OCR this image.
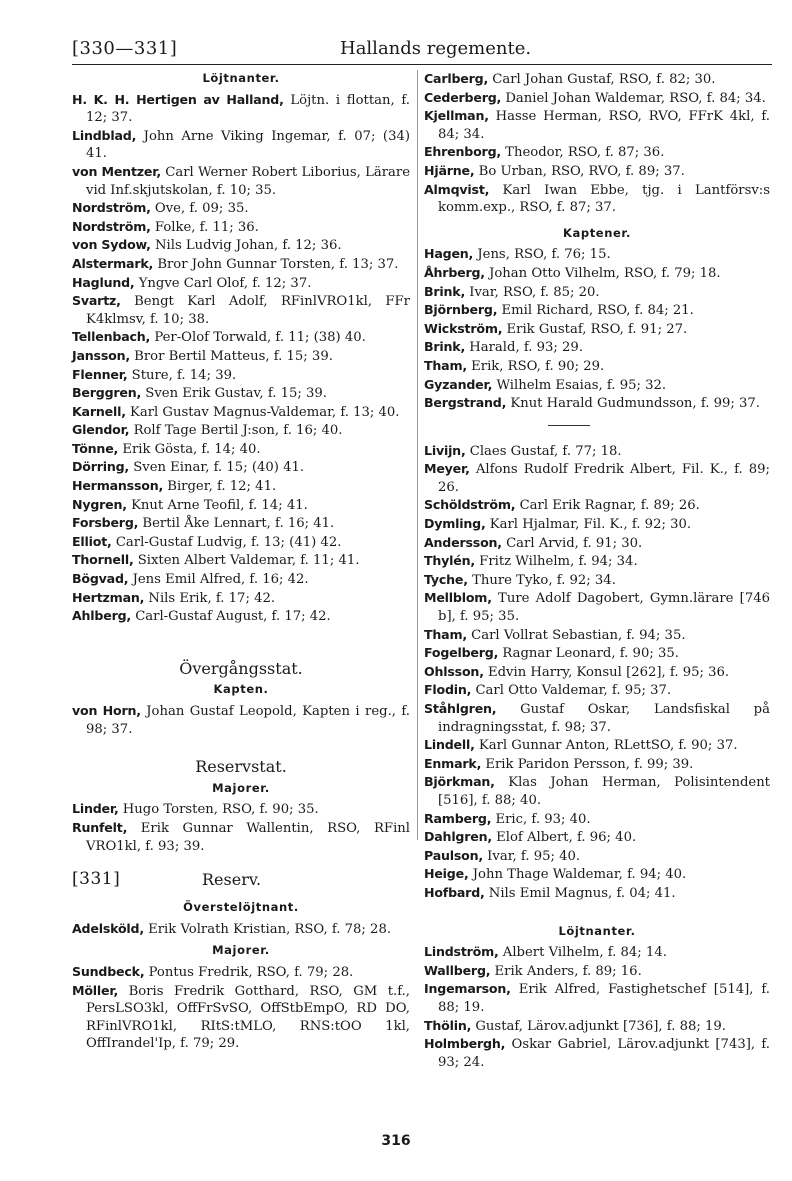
[330—331]	Hallands regemente.
Löjtnanter.

H. K. H. Hertigen av Halland, Löjtn. i flottan, f. 12; 37.

Lindblad, John Arne Viking Ingemar, f. 07; (34) 41.

von Mentzer, Carl Werner Robert Liborius, Lärare vid Inf.skjutskolan, f. 10; 35.

Nordström, Ove, f. 09; 35.

Nordström, Folke, f. 11; 36.

von Sydow, Nils Ludvig Johan, f. 12; 36.

Alstermark, Bror John Gunnar Torsten, f. 13; 37.

Haglund, Yngve Carl Olof, f. 12; 37.

Svartz, Bengt Karl Adolf, RFinlVRO1kl, FFr K4klmsv, f. 10; 38.

Tellenbach, Per-Olof Torwald, f. 11; (38) 40.

Jansson, Bror Bertil Matteus, f. 15; 39.

Flenner, Sture, f. 14; 39.

Berggren, Sven Erik Gustav, f. 15; 39.

Karnell, Karl Gustav Magnus-Valdemar, f. 13; 40.

Glendor, Rolf Tage Bertil J:son, f. 16; 40.

Tönne, Erik Gösta, f. 14; 40.

Dörring, Sven Einar, f. 15; (40) 41.

Hermansson, Birger, f. 12; 41.

Nygren, Knut Arne Teofil, f. 14; 41.

Forsberg, Bertil Åke Lennart, f. 16; 41.

Elliot, Carl-Gustaf Ludvig, f. 13; (41) 42.

Thornell, Sixten Albert Valdemar, f. 11; 41.

Bögvad, Jens Emil Alfred, f. 16; 42.

Hertzman, Nils Erik, f. 17; 42.

Ahlberg, Carl-Gustaf August, f. 17; 42.

Övergångsstat.
Kapten.

von Horn, Johan Gustaf Leopold, Kapten i reg., f. 98; 37.

Reservstat.
Majorer.

Linder, Hugo Torsten, RSO, f. 90; 35.

Runfelt, Erik Gunnar Wallentin, RSO, RFinl VRO1kl, f. 93; 39.

[331]	Reserv.
Överstelöjtnant.

Adelsköld, Erik Volrath Kristian, RSO, f. 78; 28.

Majorer.

Sundbeck, Pontus Fredrik, RSO, f. 79; 28.

Möller, Boris Fredrik Gotthard, RSO, GM t.f., PersLSO3kl, OffFrSvSO, OffStbEmpO, RD DO, RFinlVRO1kl, RItS:tMLO, RNS:tOO 1kl, OffIrandel'Ip, f. 79; 29.

Carlberg, Carl Johan Gustaf, RSO, f. 82; 30.

Cederberg, Daniel Johan Waldemar, RSO, f. 84; 34.

Kjellman, Hasse Herman, RSO, RVO, FFrK 4kl, f. 84; 34.

Ehrenborg, Theodor, RSO, f. 87; 36.

Hjärne, Bo Urban, RSO, RVO, f. 89; 37.

Almqvist, Karl Iwan Ebbe, tjg. i Lantförsv:s komm.exp., RSO, f. 87; 37.

Kaptener.

Hagen, Jens, RSO, f. 76; 15.

Åhrberg, Johan Otto Vilhelm, RSO, f. 79; 18.

Brink, Ivar, RSO, f. 85; 20.

Björnberg, Emil Richard, RSO, f. 84; 21.

Wickström, Erik Gustaf, RSO, f. 91; 27.

Brink, Harald, f. 93; 29.

Tham, Erik, RSO, f. 90; 29.

Gyzander, Wilhelm Esaias, f. 95; 32.

Bergstrand, Knut Harald Gudmundsson, f. 99; 37.

Livijn, Claes Gustaf, f. 77; 18.

Meyer, Alfons Rudolf Fredrik Albert, Fil. K., f. 89; 26.

Schöldström, Carl Erik Ragnar, f. 89; 26.

Dymling, Karl Hjalmar, Fil. K., f. 92; 30.

Andersson, Carl Arvid, f. 91; 30.

Thylén, Fritz Wilhelm, f. 94; 34.

Tyche, Thure Tyko, f. 92; 34.

Mellblom, Ture Adolf Dagobert, Gymn.lärare [746 b], f. 95; 35.

Tham, Carl Vollrat Sebastian, f. 94; 35.

Fogelberg, Ragnar Leonard, f. 90; 35.

Ohlsson, Edvin Harry, Konsul [262], f. 95; 36.

Flodin, Carl Otto Valdemar, f. 95; 37.

Ståhlgren, Gustaf Oskar, Landsfiskal på indragningsstat, f. 98; 37.

Lindell, Karl Gunnar Anton, RLettSO, f. 90; 37.

Enmark, Erik Paridon Persson, f. 99; 39.

Björkman, Klas Johan Herman, Polisintendent [516], f. 88; 40.

Ramberg, Eric, f. 93; 40.

Dahlgren, Elof Albert, f. 96; 40.

Paulson, Ivar, f. 95; 40.

Heige, John Thage Waldemar, f. 94; 40.

Hofbard, Nils Emil Magnus, f. 04; 41.

Löjtnanter.

Lindström, Albert Vilhelm, f. 84; 14.

Wallberg, Erik Anders, f. 89; 16.

Ingemarson, Erik Alfred, Fastighetschef [514], f. 88; 19.

Thölin, Gustaf, Lärov.adjunkt [736], f. 88; 19.

Holmbergh, Oskar Gabriel, Lärov.adjunkt [743], f. 93; 24.

316
